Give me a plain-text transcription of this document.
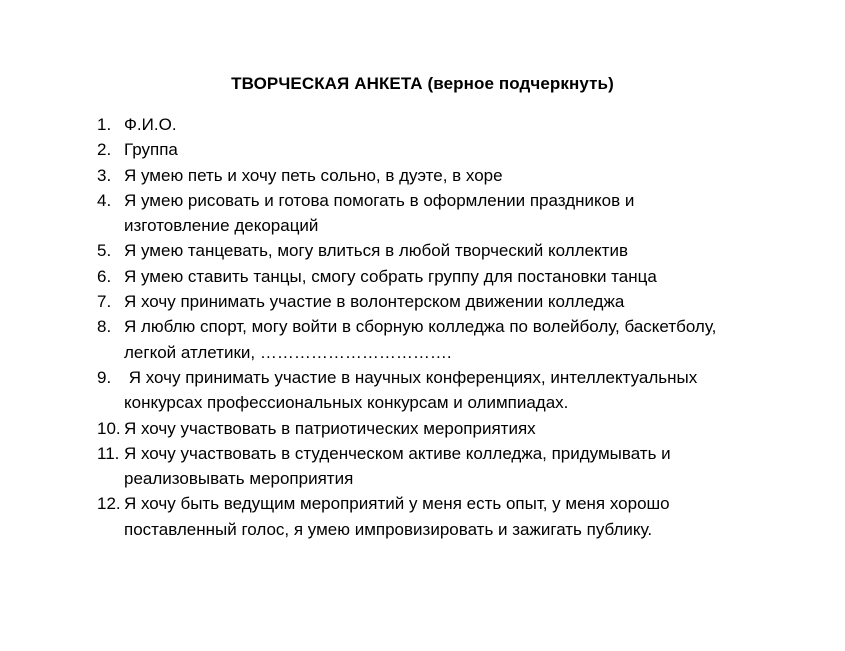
ТВОРЧЕСКАЯ АНКЕТА (верное подчеркнуть)
1. Ф.И.О.
2. Группа
3. Я умею петь и хочу петь сольно, в дуэте, в хоре
4. Я умею рисовать и готова помогать в оформлении праздников и
изготовление декораций
5. Я умею танцевать, могу влиться в любой творческий коллектив
6. Я умею ставить танцы, смогу собрать группу для постановки танца
7. Я хочу принимать участие в волонтерском движении колледжа
8. Я люблю спорт, могу войти в сборную колледжа по волейболу, баскетболу,
легкой атлетики, …………………………….
9. Я хочу принимать участие в научных конференциях, интеллектуальных
конкурсах профессиональных конкурсам и олимпиадах.
10. Я хочу участвовать в патриотических мероприятиях
11. Я хочу участвовать в студенческом активе колледжа, придумывать и
реализовывать мероприятия
12. Я хочу быть ведущим мероприятий у меня есть опыт, у меня хорошо
поставленный голос, я умею импровизировать и зажигать публику.
